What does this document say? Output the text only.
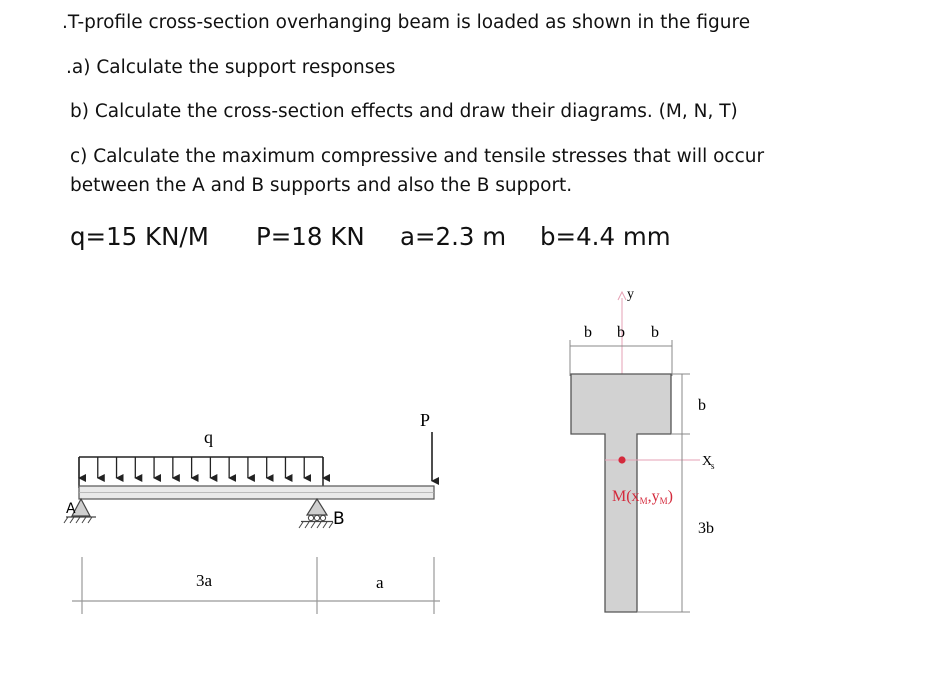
.T-profile cross-section overhanging beam is loaded as shown in the figure
.a) Calculate the support responses
b) Calculate the cross-section effects and draw their diagrams. (M, N, T)
c) Calculate the maximum compressive and tensile stresses that will occur
between the A and B supports and also the B support.
q=15 KN/M P=18 KN a=2.3 m b=4.4 mm
q
P
A	B
3a	a
y
b b b
X
s
M(xM,yM)
b
3b
